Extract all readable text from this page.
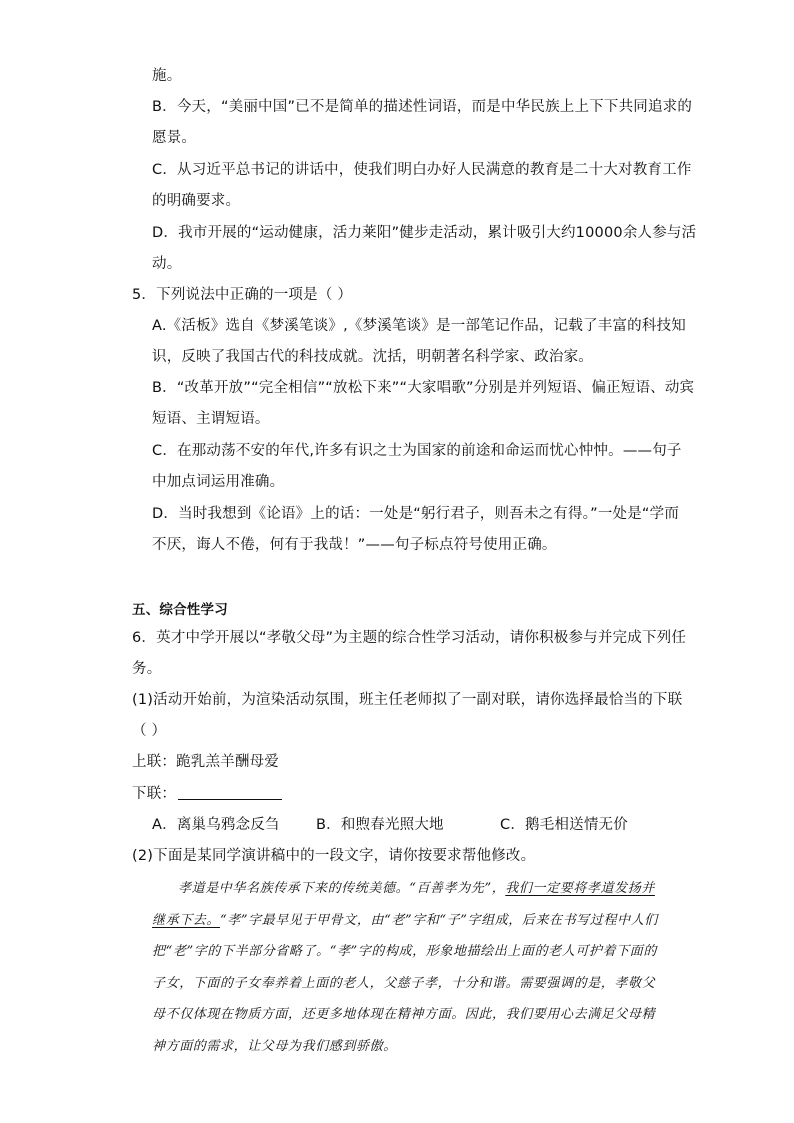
施。
B．今天，“美丽中国”已不是简单的描述性词语，而是中华民族上上下下共同追求的
愿景。
C．从习近平总书记的讲话中，使我们明白办好人民满意的教育是二十大对教育工作
的明确要求。
D．我市开展的“运动健康，活力莱阳”健步走活动，累计吸引大约10000余人参与活
动。
5．下列说法中正确的一项是（ ）
A.《活板》选自《梦溪笔谈》,《梦溪笔谈》是一部笔记作品，记载了丰富的科技知
识，反映了我国古代的科技成就。沈括，明朝著名科学家、政治家。
B．“改革开放”“完全相信”“放松下来”“大家唱歌”分别是并列短语、偏正短语、动宾
短语、主谓短语。
C．在那动荡不安的年代,许多有识之士为国家的前途和命运而忧心忡忡。——句子
中加点词运用准确。
D．当时我想到《论语》上的话：一处是“躬行君子，则吾未之有得。”一处是“学而
不厌，诲人不倦，何有于我哉！”——句子标点符号使用正确。
五、综合性学习
6．英才中学开展以“孝敬父母”为主题的综合性学习活动，请你积极参与并完成下列任
务。
(1)活动开始前，为渲染活动氛围，班主任老师拟了一副对联，请你选择最恰当的下联
（ ）
上联：跪乳羔羊酬母爱
下联：
A．离巢乌鸦念反刍	B．和煦春光照大地	C．鹅毛相送情无价
(2)下面是某同学演讲稿中的一段文字，请你按要求帮他修改。
孝道是中华名族传承下来的传统美德。“百善孝为先”，我们一定要将孝道发扬并继承下去。“孝”字最早见于甲骨文，由“老”字和“子”字组成，后来在书写过程中人们把“老”字的下半部分省略了。“孝”字的构成，形象地描绘出上面的老人可护着下面的子女，下面的子女奉养着上面的老人，父慈子孝，十分和谐。需要强调的是，孝敬父母不仅体现在物质方面，还更多地体现在精神方面。因此，我们要用心去满足父母精神方面的需求，让父母为我们感到骄傲。
